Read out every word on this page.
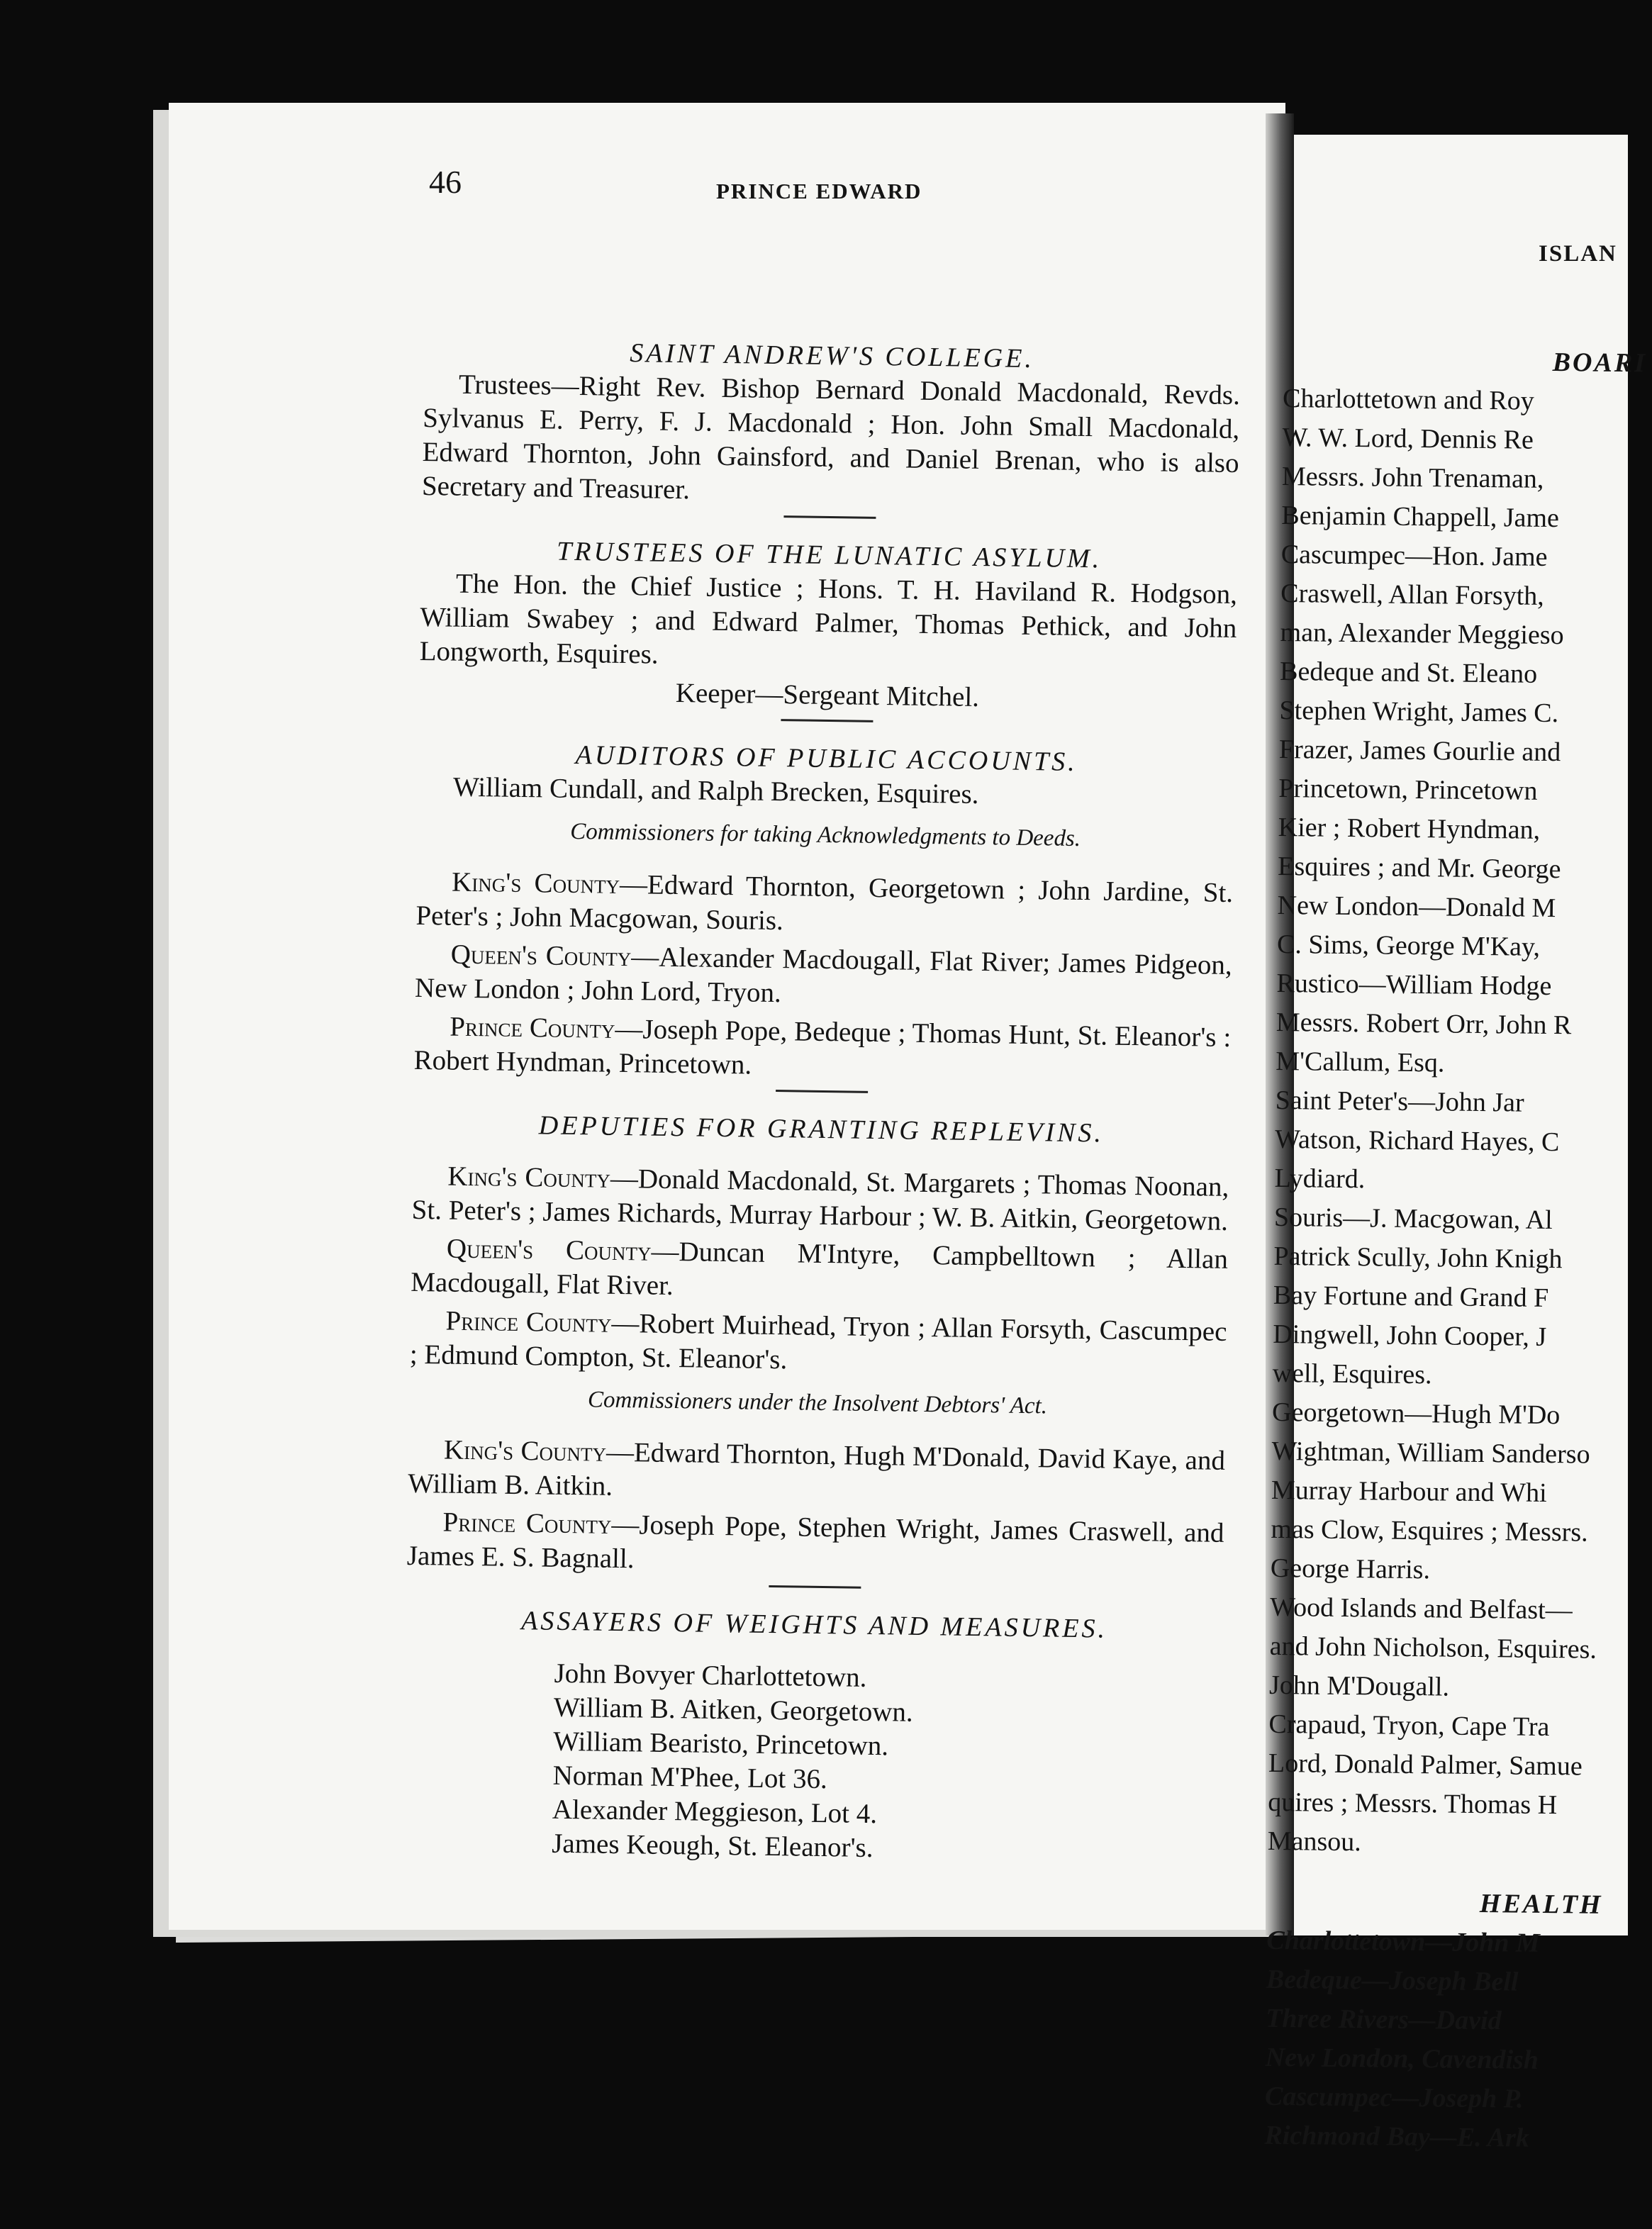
46	PRINCE EDWARD
SAINT ANDREW'S COLLEGE.
Trustees—Right Rev. Bishop Bernard Donald Macdonald, Revds. Sylvanus E. Perry, F. J. Macdonald ; Hon. John Small Macdonald, Edward Thornton, John Gainsford, and Daniel Brenan, who is also Secretary and Treasurer.
TRUSTEES OF THE LUNATIC ASYLUM.
The Hon. the Chief Justice ; Hons. T. H. Haviland R. Hodgson, William Swabey ; and Edward Palmer, Thomas Pethick, and John Longworth, Esquires.
Keeper—Sergeant Mitchel.
AUDITORS OF PUBLIC ACCOUNTS.
William Cundall, and Ralph Brecken, Esquires.
Commissioners for taking Acknowledgments to Deeds.
King's County—Edward Thornton, Georgetown ; John Jardine, St. Peter's ; John Macgowan, Souris.
Queen's County—Alexander Macdougall, Flat River; James Pidgeon, New London ; John Lord, Tryon.
Prince County—Joseph Pope, Bedeque ; Thomas Hunt, St. Eleanor's : Robert Hyndman, Princetown.
DEPUTIES FOR GRANTING REPLEVINS.
King's County—Donald Macdonald, St. Margarets ; Thomas Noonan, St. Peter's ; James Richards, Murray Harbour ; W. B. Aitkin, Georgetown.
Queen's County—Duncan M'Intyre, Campbelltown ; Allan Macdougall, Flat River.
Prince County—Robert Muirhead, Tryon ; Allan Forsyth, Cascumpec ; Edmund Compton, St. Eleanor's.
Commissioners under the Insolvent Debtors' Act.
King's County—Edward Thornton, Hugh M'Donald, David Kaye, and William B. Aitkin.
Prince County—Joseph Pope, Stephen Wright, James Craswell, and James E. S. Bagnall.
ASSAYERS OF WEIGHTS AND MEASURES.
John Bovyer Charlottetown.
William B. Aitken, Georgetown.
William Bearisto, Princetown.
Norman M'Phee, Lot 36.
Alexander Meggieson, Lot 4.
James Keough, St. Eleanor's.
ISLAN
BOARI
Charlottetown and Roy
W. W. Lord, Dennis Re
Messrs. John Trenaman,
Benjamin Chappell, Jame
Cascumpec—Hon. Jame
Craswell, Allan Forsyth,
man, Alexander Meggieso
Bedeque and St. Eleano
Stephen Wright, James C.
Frazer, James Gourlie and
Princetown, Princetown
Kier ; Robert Hyndman,
Esquires ; and Mr. George
New London—Donald M
C. Sims, George M'Kay,
Rustico—William Hodge
Messrs. Robert Orr, John R
M'Callum, Esq.
Saint Peter's—John Jar
Watson, Richard Hayes, C
Lydiard.
Souris—J. Macgowan, Al
Patrick Scully, John Knigh
Bay Fortune and Grand F
Dingwell, John Cooper, J
well, Esquires.
Georgetown—Hugh M'Do
Wightman, William Sanderso
Murray Harbour and Whi
mas Clow, Esquires ; Messrs.
George Harris.
Wood Islands and Belfast—
and John Nicholson, Esquires.
John M'Dougall.
Crapaud, Tryon, Cape Tra
Lord, Donald Palmer, Samue
quires ; Messrs. Thomas H
Mansou.
HEALTH
Charlottetown—John M
Bedeque—Joseph Bell
Three Rivers—David
New London, Cavendish
Cascumpec—Joseph P.
Richmond Bay—E. Ark
